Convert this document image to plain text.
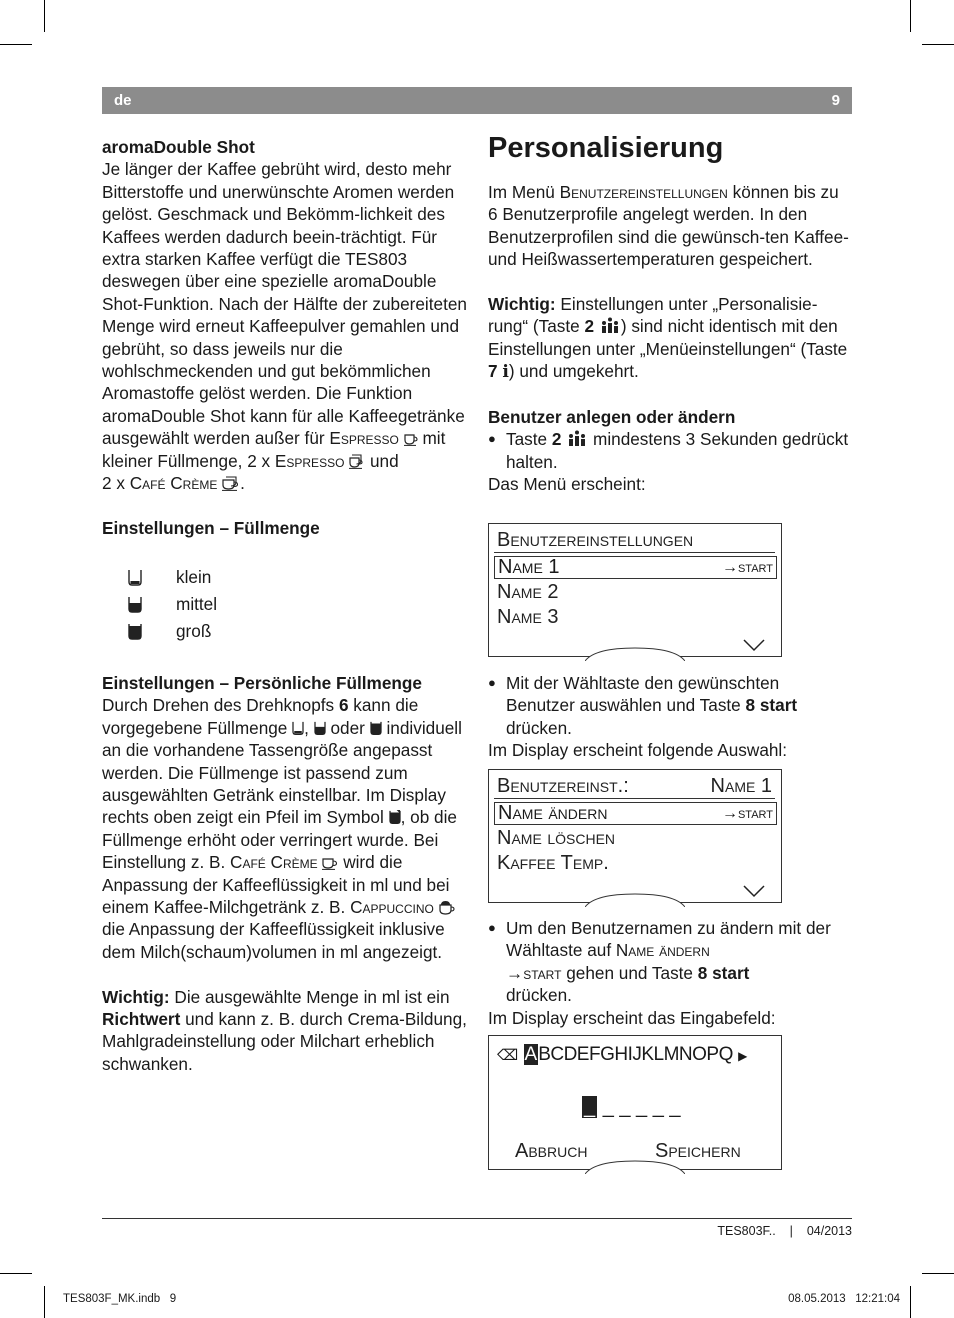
de	9

aromaDouble Shot

Je länger der Kaffee gebrüht wird, desto mehr Bitterstoffe und unerwünschte Aromen werden gelöst. Geschmack und Bekömm-lichkeit des Kaffees werden dadurch beein-trächtigt. Für extra starken Kaffee verfügt die TES803 deswegen über eine spezielle aromaDouble Shot-Funktion. Nach der Hälfte der zubereiteten Menge wird erneut Kaffeepulver gemahlen und gebrüht, so dass jeweils nur die wohlschmeckenden und gut bekömmlichen Aromastoffe gelöst werden. Die Funktion aromaDouble Shot kann für alle Kaffeegetränke ausgewählt werden außer für Espresso mit kleiner Füllmenge, 2 x Espresso und
2 x Café Crème .

Einstellungen – Füllmenge

klein
mittel
groß

Einstellungen – Persönliche Füllmenge

Durch Drehen des Drehknopfs 6 kann die vorgegebene Füllmenge , oder individuell an die vorhandene Tassengröße angepasst werden. Die Füllmenge ist passend zum ausgewählten Getränk einstellbar. Im Display rechts oben zeigt ein Pfeil im Symbol , ob die Füllmenge erhöht oder verringert wurde. Bei Einstellung z. B. Café Crème wird die Anpassung der Kaffeeflüssigkeit in ml und bei einem Kaffee-Milchgetränk z. B. Cappuccino  die Anpassung der Kaffeeflüssigkeit inklusive dem Milch(schaum)volumen in ml angezeigt.

Wichtig: Die ausgewählte Menge in ml ist ein Richtwert und kann z. B. durch Crema-Bildung, Mahlgradeinstellung oder Milchart erheblich schwanken.

Personalisierung

Im Menü Benutzereinstellungen können bis zu 6 Benutzerprofile angelegt werden. In den Benutzerprofilen sind die gewünsch-ten Kaffee- und Heißwassertemperaturen gespeichert.

Wichtig: Einstellungen unter „Personalisie-rung“ (Taste 2 ) sind nicht identisch mit den Einstellungen unter „Menüeinstellungen“ (Taste 7 i) und umgekehrt.

Benutzer anlegen oder ändern

● Taste 2 mindestens 3 Sekunden gedrückt halten.

Das Menü erscheint:

Benutzereinstellungen
Name 1	→start
Name 2
Name 3

● Mit der Wähltaste den gewünschten Benutzer auswählen und Taste 8 start drücken.

Im Display erscheint folgende Auswahl:

Benutzereinst.:	Name 1
Name ändern	→start
Name löschen
Kaffee Temp.

● Um den Benutzernamen zu ändern mit der Wähltaste auf Name ändern
→start gehen und Taste 8 start
drücken.

Im Display erscheint das Eingabefeld:

⌫ ABCDEFGHIJKLMNOPQ ▶
_ _ _ _ _ _
Abbruch	Speichern
TES803F.. | 04/2013
TES803F_MK.indb   9	08.05.2013   12:21:04
